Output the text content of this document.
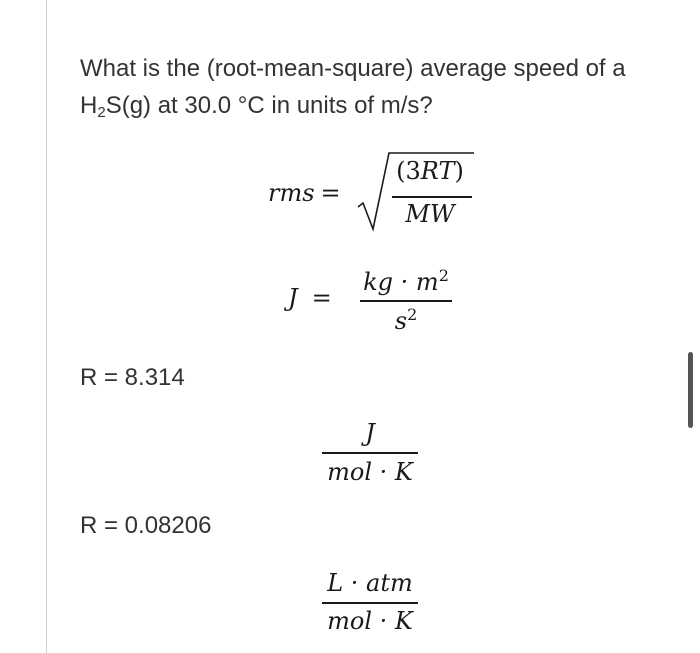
What is the (root-mean-square) average speed of a $H_2S(g)$ at 30.0 °C in units of m/s?

rms =
(3RT)
MW
J =
kg · $m^2$
$s^2$

R = 8.314

J
mol · K

R = 0.08206

L · atm
mol · K
